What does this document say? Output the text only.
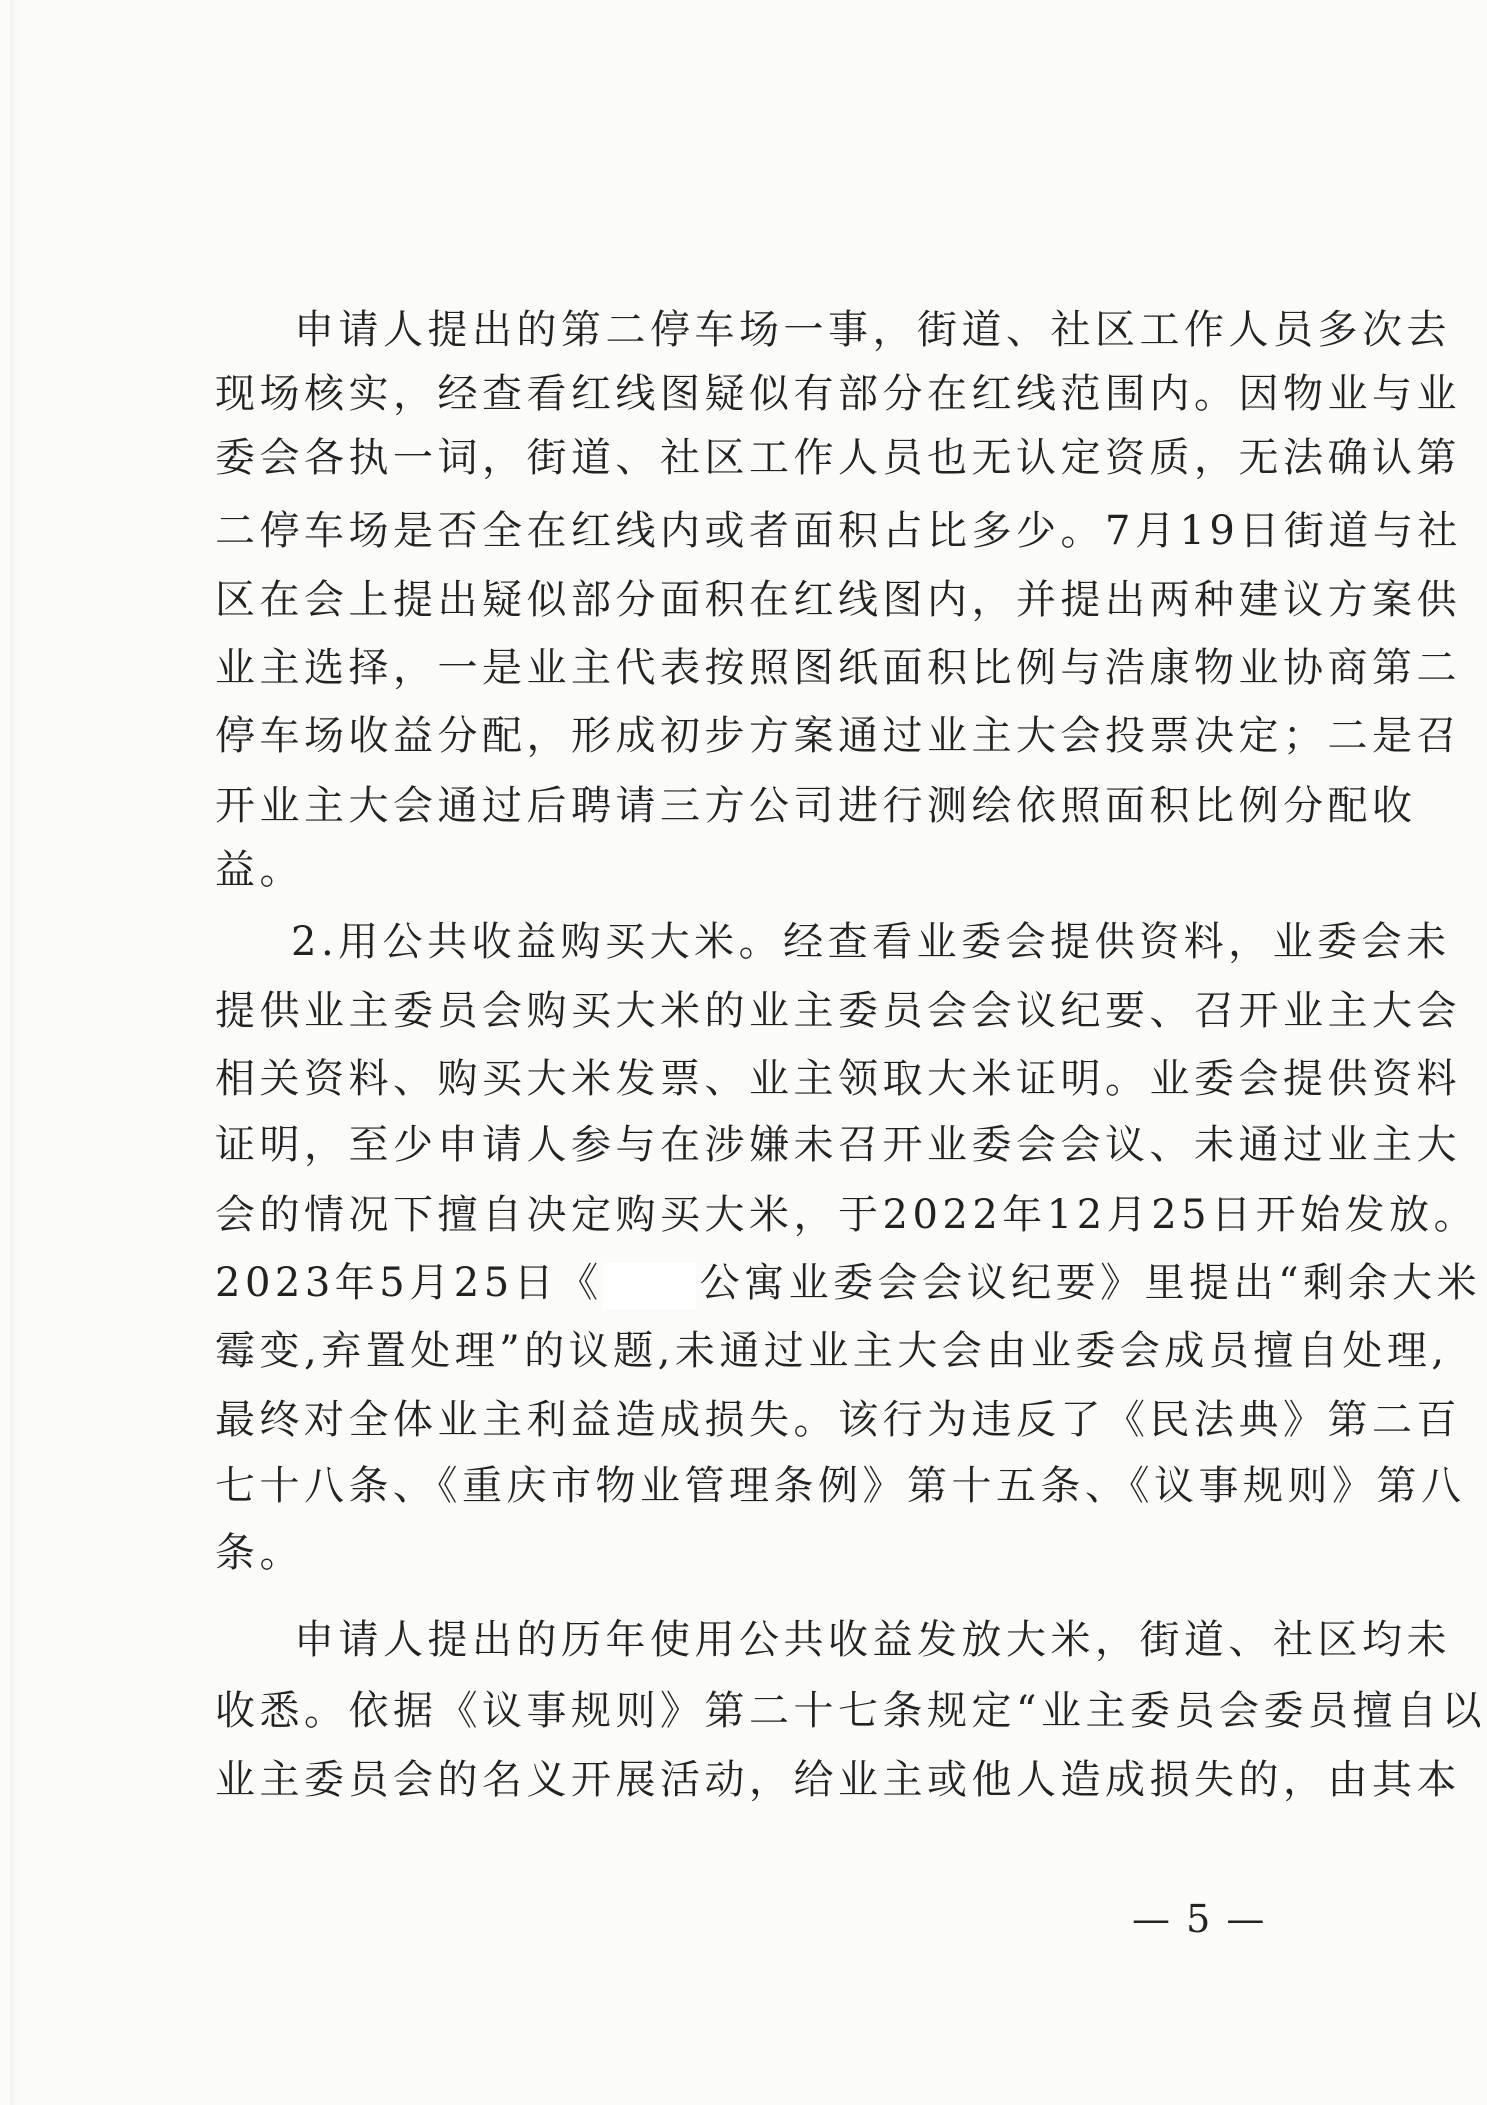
申请人提出的第二停车场一事，街道、社区工作人员多次去
现场核实，经查看红线图疑似有部分在红线范围内。因物业与业
委会各执一词，街道、社区工作人员也无认定资质，无法确认第
二停车场是否全在红线内或者面积占比多少。7月19日街道与社
区在会上提出疑似部分面积在红线图内，并提出两种建议方案供
业主选择，一是业主代表按照图纸面积比例与浩康物业协商第二
停车场收益分配，形成初步方案通过业主大会投票决定；二是召
开业主大会通过后聘请三方公司进行测绘依照面积比例分配收
益。
2.用公共收益购买大米。经查看业委会提供资料，业委会未
提供业主委员会购买大米的业主委员会会议纪要、召开业主大会
相关资料、购买大米发票、业主领取大米证明。业委会提供资料
证明，至少申请人参与在涉嫌未召开业委会会议、未通过业主大
会的情况下擅自决定购买大米，于2022年12月25日开始发放。
2023年5月25日《 公寓业委会会议纪要》里提出“剩余大米
霉变,弃置处理”的议题,未通过业主大会由业委会成员擅自处理,
最终对全体业主利益造成损失。该行为违反了《民法典》第二百
七十八条、《重庆市物业管理条例》第十五条、《议事规则》第八
条。
申请人提出的历年使用公共收益发放大米，街道、社区均未
收悉。依据《议事规则》第二十七条规定“业主委员会委员擅自以
业主委员会的名义开展活动，给业主或他人造成损失的，由其本
— 5 —
